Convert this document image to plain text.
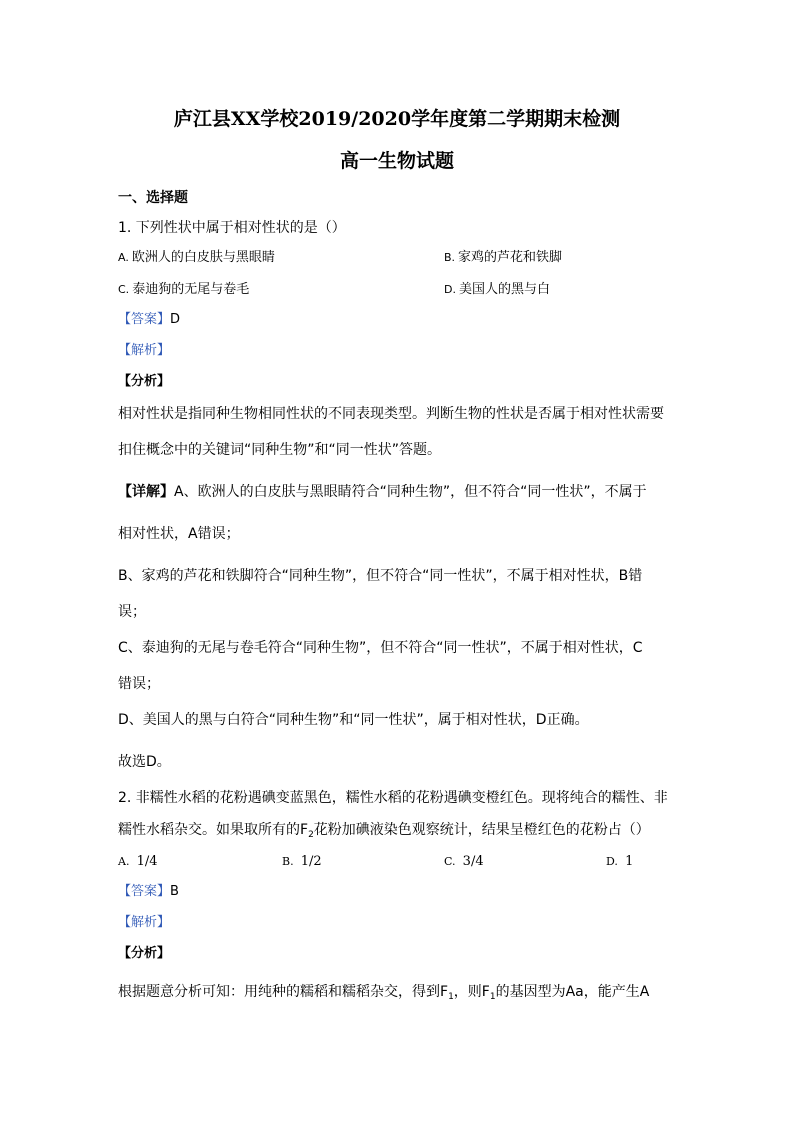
庐江县XX学校2019/2020学年度第二学期期末检测
高一生物试题
一、选择题
1. 下列性状中属于相对性状的是（）
A. 欧洲人的白皮肤与黑眼睛	B. 家鸡的芦花和铁脚
C. 泰迪狗的无尾与卷毛	D. 美国人的黑与白
【答案】D
【解析】
【分析】
相对性状是指同种生物相同性状的不同表现类型。判断生物的性状是否属于相对性状需要
扣住概念中的关键词“同种生物”和“同一性状”答题。
【详解】A、欧洲人的白皮肤与黑眼睛符合“同种生物”，但不符合“同一性状”，不属于
相对性状，A错误；
B、家鸡的芦花和铁脚符合“同种生物”，但不符合“同一性状”，不属于相对性状，B错
误；
C、泰迪狗的无尾与卷毛符合“同种生物”，但不符合“同一性状”，不属于相对性状，C
错误；
D、美国人的黑与白符合“同种生物”和“同一性状”，属于相对性状，D正确。
故选D。
2. 非糯性水稻的花粉遇碘变蓝黑色，糯性水稻的花粉遇碘变橙红色。现将纯合的糯性、非
糯性水稻杂交。如果取所有的$F_2$花粉加碘液染色观察统计，结果呈橙红色的花粉占（）
A. 1/4	B. 1/2	C. 3/4	D. 1
【答案】B
【解析】
【分析】
根据题意分析可知：用纯种的糯稻和糯稻杂交，得到$F_1$，则$F_1$的基因型为Aa，能产生A
